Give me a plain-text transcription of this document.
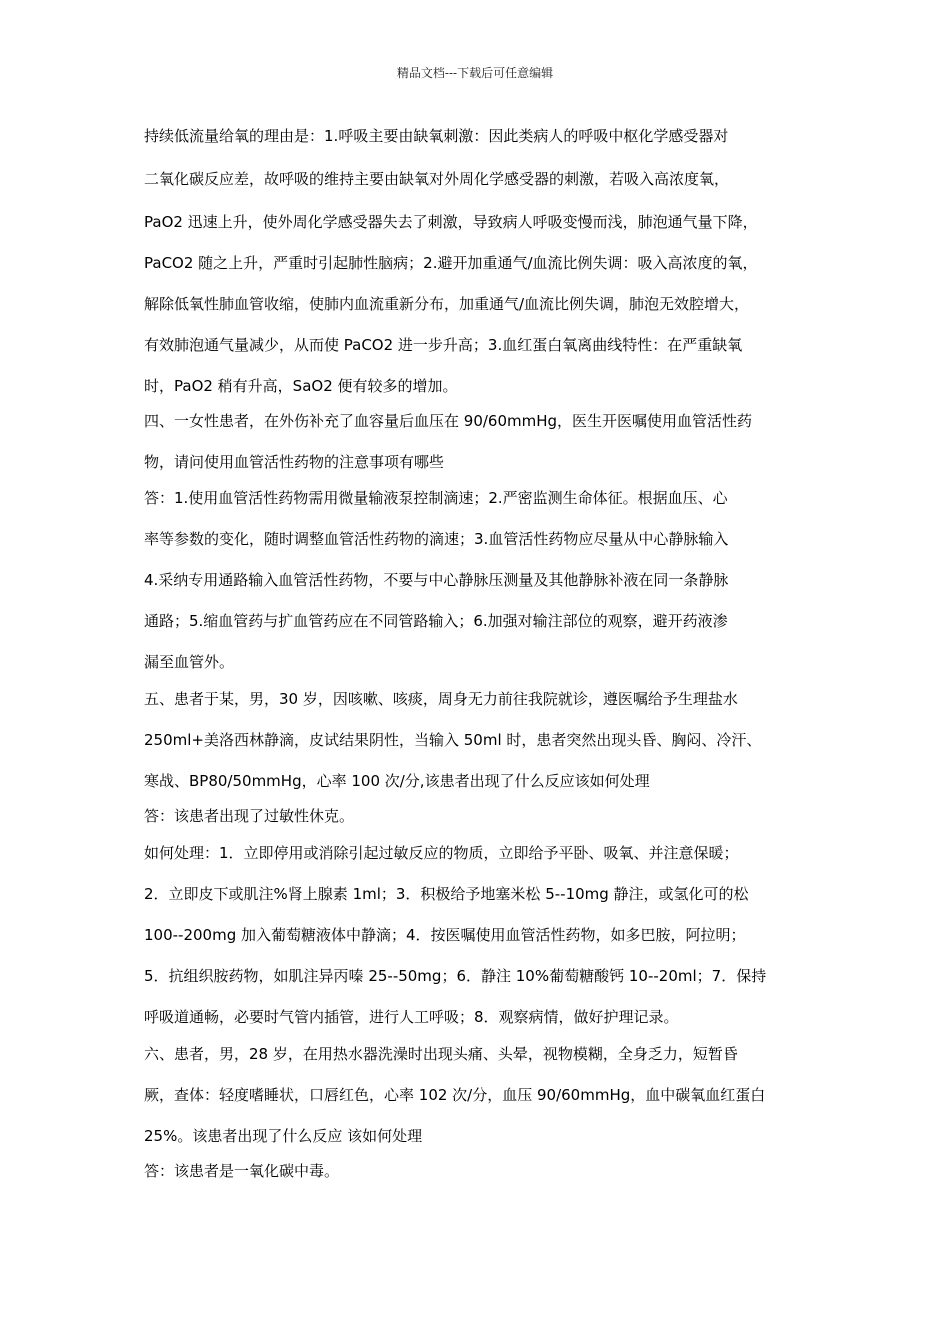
精品文档---下载后可任意编辑
持续低流量给氧的理由是：1.呼吸主要由缺氧刺激：因此类病人的呼吸中枢化学感受器对
二氧化碳反应差，故呼吸的维持主要由缺氧对外周化学感受器的刺激，若吸入高浓度氧，
PaO2 迅速上升，使外周化学感受器失去了刺激，导致病人呼吸变慢而浅，肺泡通气量下降，
PaCO2 随之上升，严重时引起肺性脑病；2.避开加重通气/血流比例失调：吸入高浓度的氧，
解除低氧性肺血管收缩，使肺内血流重新分布，加重通气/血流比例失调，肺泡无效腔增大，
有效肺泡通气量减少，从而使 PaCO2 进一步升高；3.血红蛋白氧离曲线特性：在严重缺氧
时，PaO2 稍有升高，SaO2 便有较多的增加。
四、一女性患者，在外伤补充了血容量后血压在 90/60mmHg，医生开医嘱使用血管活性药
物，请问使用血管活性药物的注意事项有哪些
答：1.使用血管活性药物需用微量输液泵控制滴速；2.严密监测生命体征。根据血压、心
率等参数的变化，随时调整血管活性药物的滴速；3.血管活性药物应尽量从中心静脉输入
4.采纳专用通路输入血管活性药物，不要与中心静脉压测量及其他静脉补液在同一条静脉
通路；5.缩血管药与扩血管药应在不同管路输入；6.加强对输注部位的观察，避开药液渗
漏至血管外。
五、患者于某，男，30 岁，因咳嗽、咳痰，周身无力前往我院就诊，遵医嘱给予生理盐水
250ml+美洛西林静滴，皮试结果阴性，当输入 50ml 时，患者突然出现头昏、胸闷、冷汗、
寒战、BP80/50mmHg，心率 100 次/分,该患者出现了什么反应该如何处理
答：该患者出现了过敏性休克。
如何处理：1．立即停用或消除引起过敏反应的物质，立即给予平卧、吸氧、并注意保暖；
2．立即皮下或肌注%肾上腺素 1ml；3．积极给予地塞米松 5--10mg 静注，或氢化可的松
100--200mg 加入葡萄糖液体中静滴；4．按医嘱使用血管活性药物，如多巴胺，阿拉明；
5．抗组织胺药物，如肌注异丙嗪 25--50mg；6．静注 10%葡萄糖酸钙 10--20ml；7．保持
呼吸道通畅，必要时气管内插管，进行人工呼吸；8．观察病情，做好护理记录。
六、患者，男，28 岁，在用热水器洗澡时出现头痛、头晕，视物模糊，全身乏力，短暂昏
厥，查体：轻度嗜睡状，口唇红色，心率 102 次/分，血压 90/60mmHg，血中碳氧血红蛋白
25%。该患者出现了什么反应 该如何处理
答：该患者是一氧化碳中毒。
